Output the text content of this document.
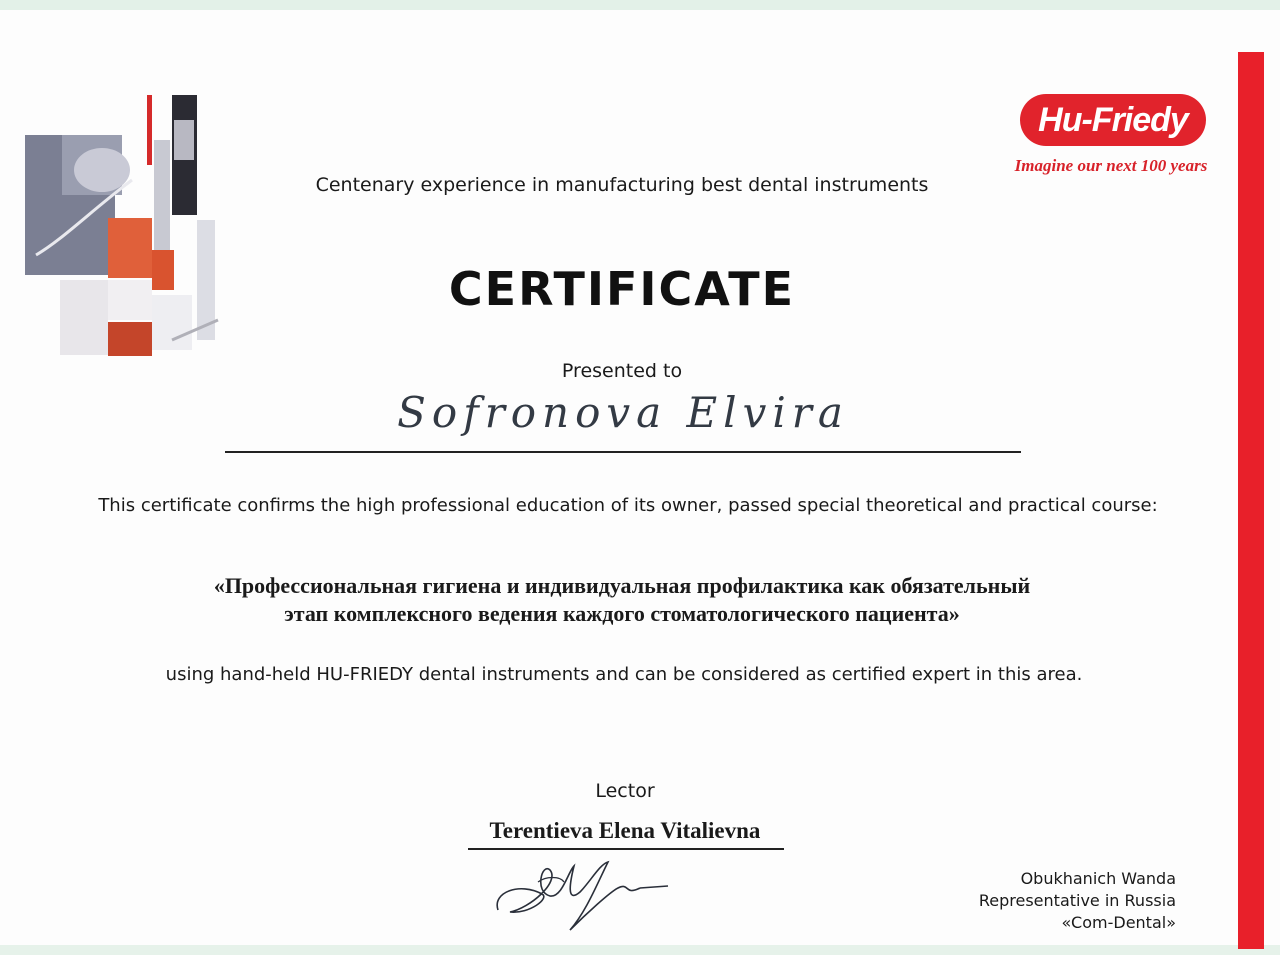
Centenary experience in manufacturing best dental instruments
Hu-Friedy
Imagine our next 100 years
CERTIFICATE
Presented to
Sofronova Elvira
This certificate confirms the high professional education of its owner, passed special theoretical and practical course:
«Профессиональная гигиена и индивидуальная профилактика как обязательный
этап комплексного ведения каждого стоматологического пациента»
using hand-held HU-FRIEDY dental instruments and can be considered as certified expert in this area.
Lector
Terentieva Elena Vitalievna
Obukhanich Wanda
Representative in Russia
«Com-Dental»
